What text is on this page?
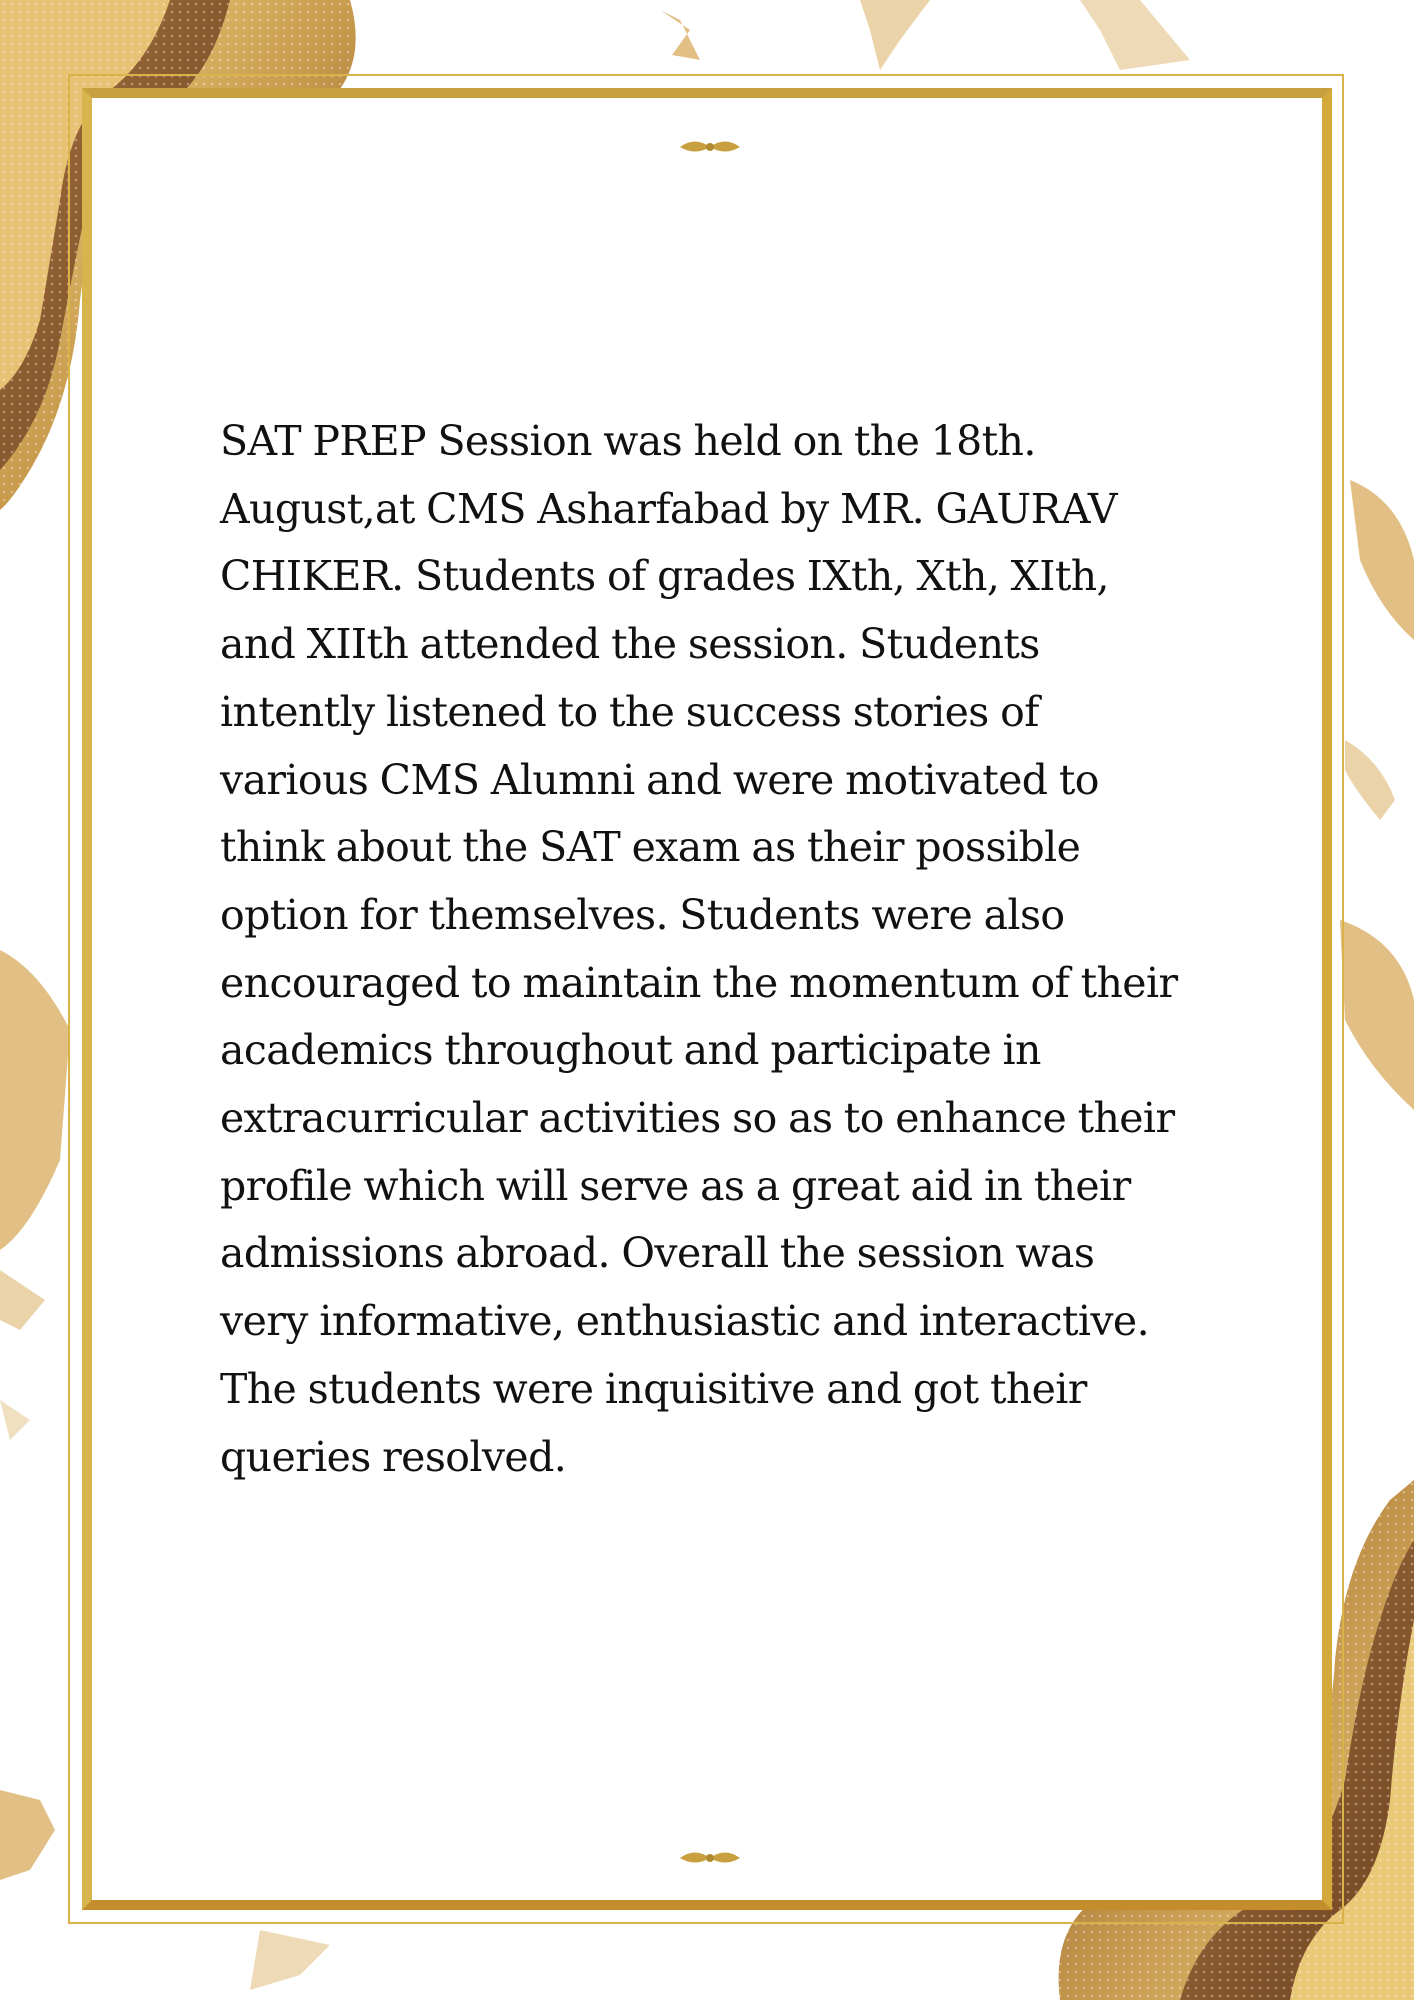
SAT PREP Session was held on the 18th. August,at CMS Asharfabad by MR. GAURAV CHIKER. Students of grades IXth, Xth, XIth, and XIIth attended the session. Students intently listened to the success stories of various CMS Alumni and were motivated to think about the SAT exam as their possible option for themselves. Students were also encouraged to maintain the momentum of their academics throughout and participate in extracurricular activities so as to enhance their profile which will serve as a great aid in their admissions abroad. Overall the session was very informative, enthusiastic and interactive. The students were inquisitive and got their queries resolved.
